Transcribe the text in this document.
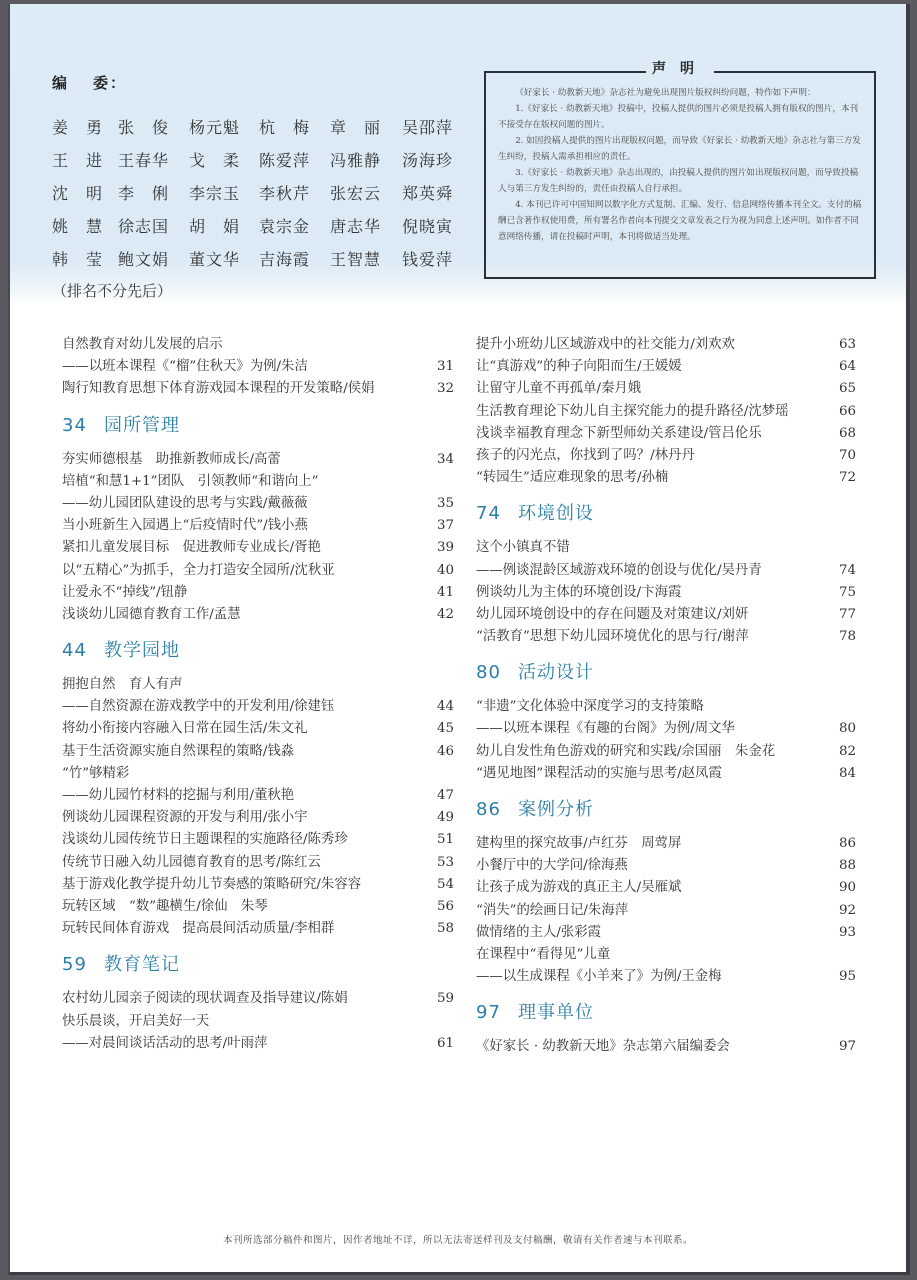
编 委：
姜　勇 张　俊	杨元魁	杭　梅	章　丽	吴邵萍
王　进 王春华	戈　柔	陈爱萍	冯雅静	汤海珍
沈　明 李　俐	李宗玉	李秋芹	张宏云	郑英舜
姚　慧 徐志国	胡　娟	袁宗金	唐志华	倪晓寅
韩　莹 鲍文娟	董文华	吉海霞	王智慧	钱爱萍
（排名不分先后）
声明

《好家长 · 幼教新天地》杂志社为避免出现图片版权纠纷问题，特作如下声明：

1.《好家长 · 幼教新天地》投稿中，投稿人提供的图片必须是投稿人拥有版权的图片，本刊不接受存在版权问题的图片。

2. 如因投稿人提供的图片出现版权问题，而导致《好家长 · 幼教新天地》杂志社与第三方发生纠纷，投稿人需承担相应的责任。

3.《好家长 · 幼教新天地》杂志出现的，由投稿人提供的图片如出现版权问题，而导致投稿人与第三方发生纠纷的，责任由投稿人自行承担。

4. 本刊已许可中国知网以数字化方式复制、汇编、发行、信息网络传播本刊全文。支付的稿酬已含著作权使用费，所有署名作者向本刊提交文章发表之行为视为同意上述声明。如作者不同意网络传播，请在投稿时声明，本刊将做适当处理。

自然教育对幼儿发展的启示
——以班本课程《“榴”住秋天》为例/朱洁	31
陶行知教育思想下体育游戏园本课程的开发策略/侯娟	32
34 园所管理
夯实师德根基　助推新教师成长/高蕾	34
培植“和慧1+1”团队　引领教师“和谐向上”
——幼儿园团队建设的思考与实践/戴薇薇	35
当小班新生入园遇上“后疫情时代”/钱小燕	37
紧扣儿童发展目标　促进教师专业成长/胥艳	39
以“五精心”为抓手，全力打造安全园所/沈秋亚	40
让爱永不“掉线”/钮静	41
浅谈幼儿园德育教育工作/孟慧	42
44 教学园地
拥抱自然　育人有声
——自然资源在游戏教学中的开发利用/徐建钰	44
将幼小衔接内容融入日常在园生活/朱文礼	45
基于生活资源实施自然课程的策略/钱淼	46
“竹”够精彩
——幼儿园竹材料的挖掘与利用/董秋艳	47
例谈幼儿园课程资源的开发与利用/张小宇	49
浅谈幼儿园传统节日主题课程的实施路径/陈秀珍	51
传统节日融入幼儿园德育教育的思考/陈红云	53
基于游戏化教学提升幼儿节奏感的策略研究/朱容容	54
玩转区域　“数”趣横生/徐仙　朱琴	56
玩转民间体育游戏　提高晨间活动质量/李相群	58
59 教育笔记
农村幼儿园亲子阅读的现状调查及指导建议/陈娟	59
快乐晨谈，开启美好一天
——对晨间谈话活动的思考/叶雨萍	61
提升小班幼儿区域游戏中的社交能力/刘欢欢	63
让“真游戏”的种子向阳而生/王媛媛	64
让留守儿童不再孤单/秦月娥	65
生活教育理论下幼儿自主探究能力的提升路径/沈梦瑶	66
浅谈幸福教育理念下新型师幼关系建设/管吕伦乐	68
孩子的闪光点，你找到了吗？/林丹丹	70
“转园生”适应难现象的思考/孙楠	72
74 环境创设
这个小镇真不错
——例谈混龄区域游戏环境的创设与优化/吴丹青	74
例谈幼儿为主体的环境创设/卞海霞	75
幼儿园环境创设中的存在问题及对策建议/刘妍	77
“活教育”思想下幼儿园环境优化的思与行/谢萍	78
80 活动设计
“非遗”文化体验中深度学习的支持策略
——以班本课程《有趣的台阁》为例/周文华	80
幼儿自发性角色游戏的研究和实践/佘国丽　朱金花	82
“遇见地图”课程活动的实施与思考/赵凤霞	84
86 案例分析
建构里的探究故事/卢红芬　周莺屏	86
小餐厅中的大学问/徐海燕	88
让孩子成为游戏的真正主人/吴雁斌	90
“消失”的绘画日记/朱海萍	92
做情绪的主人/张彩霞	93
在课程中“看得见”儿童
——以生成课程《小羊来了》为例/王金梅	95
97 理事单位
《好家长 · 幼教新天地》杂志第六届编委会	97
本刊所选部分稿件和图片，因作者地址不详，所以无法寄送样刊及支付稿酬，敬请有关作者速与本刊联系。
